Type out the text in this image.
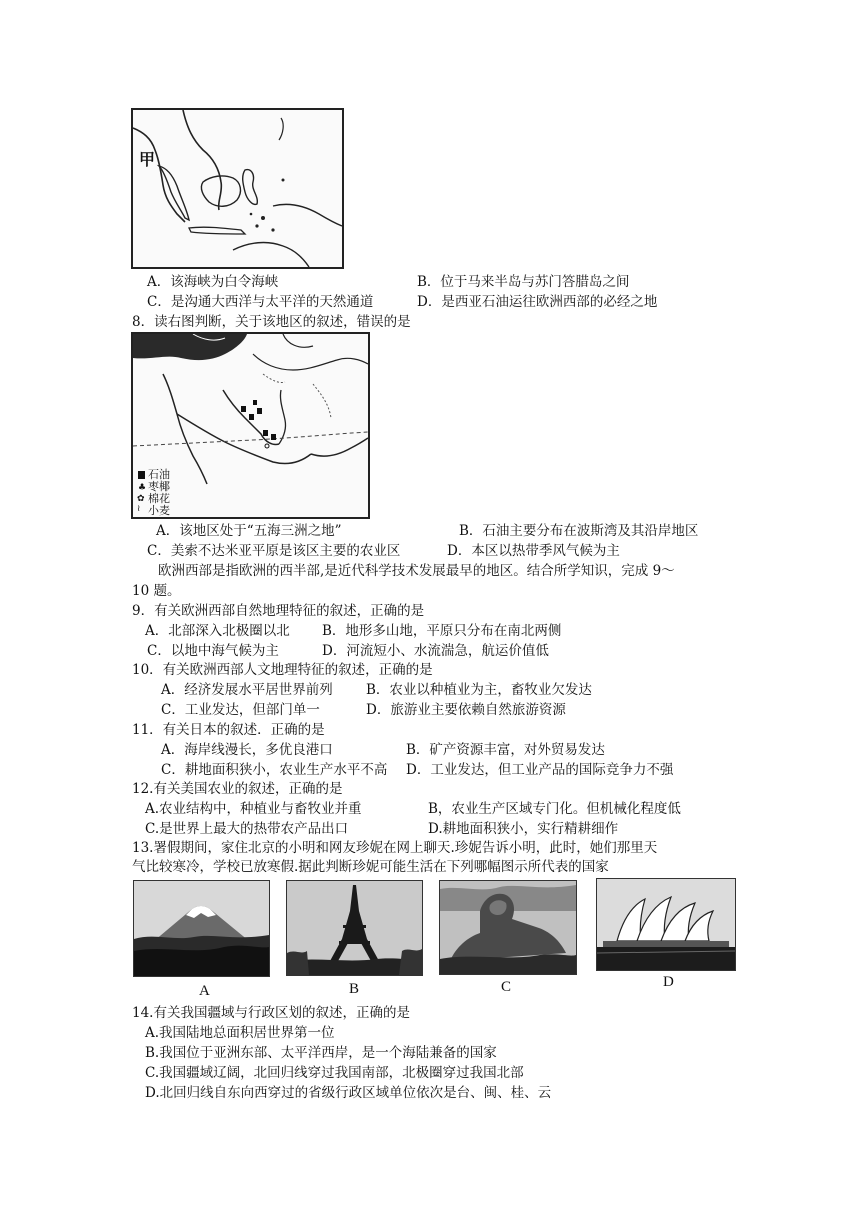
甲
A．该海峡为白令海峡	B．位于马来半岛与苏门答腊岛之间
C．是沟通大西洋与太平洋的天然通道	D．是西亚石油运往欧洲西部的必经之地
8．读右图判断，关于该地区的叙述，错误的是
♣
✿
≀
石油
枣椰
棉花
小麦
A．该地区处于“五海三洲之地”	B．石油主要分布在波斯湾及其沿岸地区
C．美索不达米亚平原是该区主要的农业区	D．本区以热带季风气候为主
欧洲西部是指欧洲的西半部,是近代科学技术发展最早的地区。结合所学知识，完成 9～
10 题。
9．有关欧洲西部自然地理特征的叙述，正确的是
A．北部深入北极圈以北 B．地形多山地，平原只分布在南北两侧
C．以地中海气候为主	D．河流短小、水流湍急，航运价值低
10．有关欧洲西部人文地理特征的叙述，正确的是
A．经济发展水平居世界前列 B．农业以种植业为主，畜牧业欠发达
C．工业发达，但部门单一	D．旅游业主要依赖自然旅游资源
11．有关日本的叙述．正确的是
A．海岸线漫长，多优良港口	B．矿产资源丰富，对外贸易发达
C．耕地面积狭小，农业生产水平不高 D．工业发达，但工业产品的国际竞争力不强
12.有关美国农业的叙述，正确的是
A.农业结构中，种植业与畜牧业并重	B，农业生产区域专门化。但机械化程度低
C.是世界上最大的热带农产品出口	D.耕地面积狭小，实行精耕细作
13.署假期间，家住北京的小明和网友珍妮在网上聊天.珍妮告诉小明，此时，她们那里天
气比较寒冷，学校已放寒假.据此判断珍妮可能生活在下列哪幅图示所代表的国家
A	B	C	D
14.有关我国疆域与行政区划的叙述，正确的是
A.我国陆地总面积居世界第一位
B.我国位于亚洲东部、太平洋西岸，是一个海陆兼备的国家
C.我国疆域辽阔，北回归线穿过我国南部，北极圈穿过我国北部
D.北回归线自东向西穿过的省级行政区域单位依次是台、闽、桂、云
